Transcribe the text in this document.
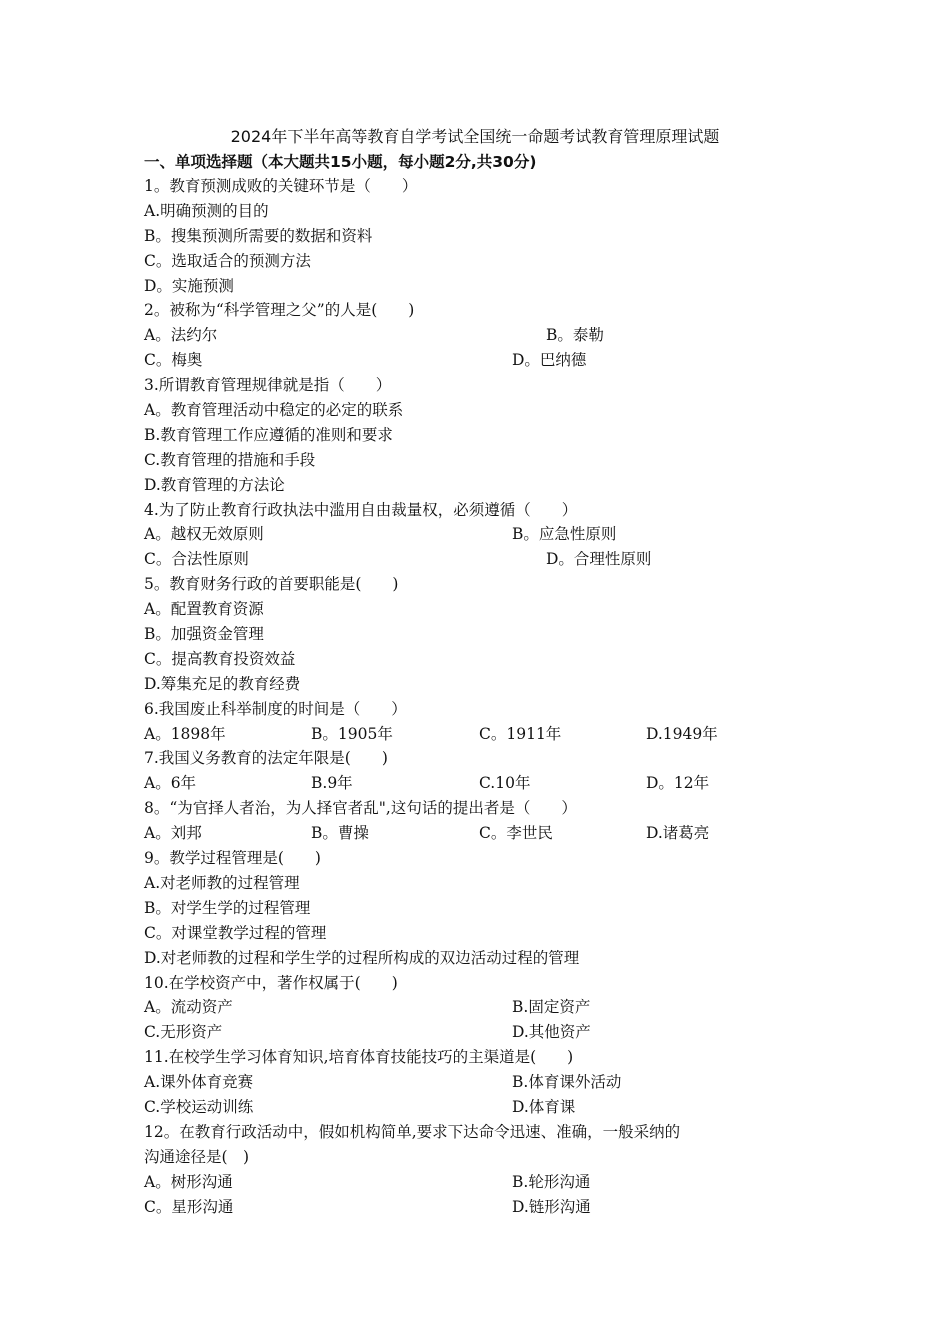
2024年下半年高等教育自学考试全国统一命题考试教育管理原理试题
一、单项选择题（本大题共15小题，每小题2分,共30分)
1。教育预测成败的关键环节是（　　）
A.明确预测的目的
B。搜集预测所需要的数据和资料
C。选取适合的预测方法
D。实施预测
2。被称为“科学管理之父”的人是(　　)
A。法约尔	B。泰勒
C。梅奥	D。巴纳德
3.所谓教育管理规律就是指（　　）
A。教育管理活动中稳定的必定的联系
B.教育管理工作应遵循的准则和要求
C.教育管理的措施和手段
D.教育管理的方法论
4.为了防止教育行政执法中滥用自由裁量权，必须遵循（　　）
A。越权无效原则	B。应急性原则
C。合法性原则	D。合理性原则
5。教育财务行政的首要职能是(　　)
A。配置教育资源
B。加强资金管理
C。提高教育投资效益
D.筹集充足的教育经费
6.我国废止科举制度的时间是（　　）
A。1898年	B。1905年	C。1911年	D.1949年
7.我国义务教育的法定年限是(　　)
A。6年	B.9年	C.10年	D。12年
8。“为官择人者治，为人择官者乱",这句话的提出者是（　　）
A。刘邦	B。曹操	C。李世民	D.诸葛亮
9。教学过程管理是(　　)
A.对老师教的过程管理
B。对学生学的过程管理
C。对课堂教学过程的管理
D.对老师教的过程和学生学的过程所构成的双边活动过程的管理
10.在学校资产中，著作权属于(　　)
A。流动资产	B.固定资产
C.无形资产	D.其他资产
11.在校学生学习体育知识,培育体育技能技巧的主渠道是(　　)
A.课外体育竞赛	B.体育课外活动
C.学校运动训练	D.体育课
12。在教育行政活动中，假如机构简单,要求下达命令迅速、准确，一般采纳的
沟通途径是(　)
A。树形沟通	B.轮形沟通
C。星形沟通	D.链形沟通
